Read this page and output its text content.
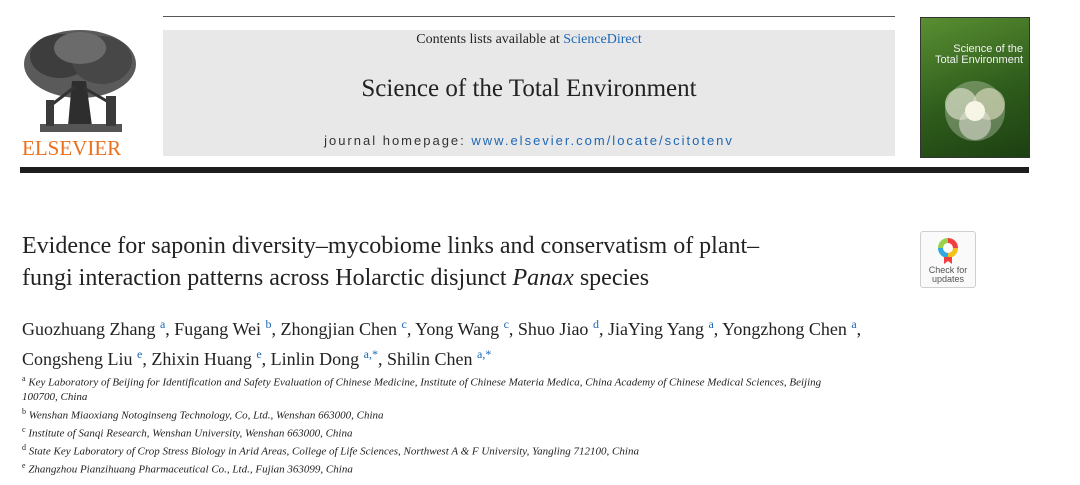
ELSEVIER
Contents lists available at ScienceDirect
Science of the Total Environment
journal homepage: www.elsevier.com/locate/scitotenv
Science of the
Total Environment
Evidence for saponin diversity–mycobiome links and conservatism of plant–
fungi interaction patterns across Holarctic disjunct Panax species	Check for
updates
Guozhuang Zhang $^a$, Fugang Wei $^b$, Zhongjian Chen $^c$, Yong Wang $^c$, Shuo Jiao $^d$, JiaYing Yang $^a$, Yongzhong Chen $^a$,
Congsheng Liu $^e$, Zhixin Huang $^e$, Linlin Dong $^{a,*}$, Shilin Chen $^{a,*}$
$^a$ Key Laboratory of Beijing for Identification and Safety Evaluation of Chinese Medicine, Institute of Chinese Materia Medica, China Academy of Chinese Medical Sciences, Beijing
100700, China
$^b$ Wenshan Miaoxiang Notoginseng Technology, Co, Ltd., Wenshan 663000, China
$^c$ Institute of Sanqi Research, Wenshan University, Wenshan 663000, China
$^d$ State Key Laboratory of Crop Stress Biology in Arid Areas, College of Life Sciences, Northwest A & F University, Yangling 712100, China
$^e$ Zhangzhou Pianzihuang Pharmaceutical Co., Ltd., Fujian 363099, China
